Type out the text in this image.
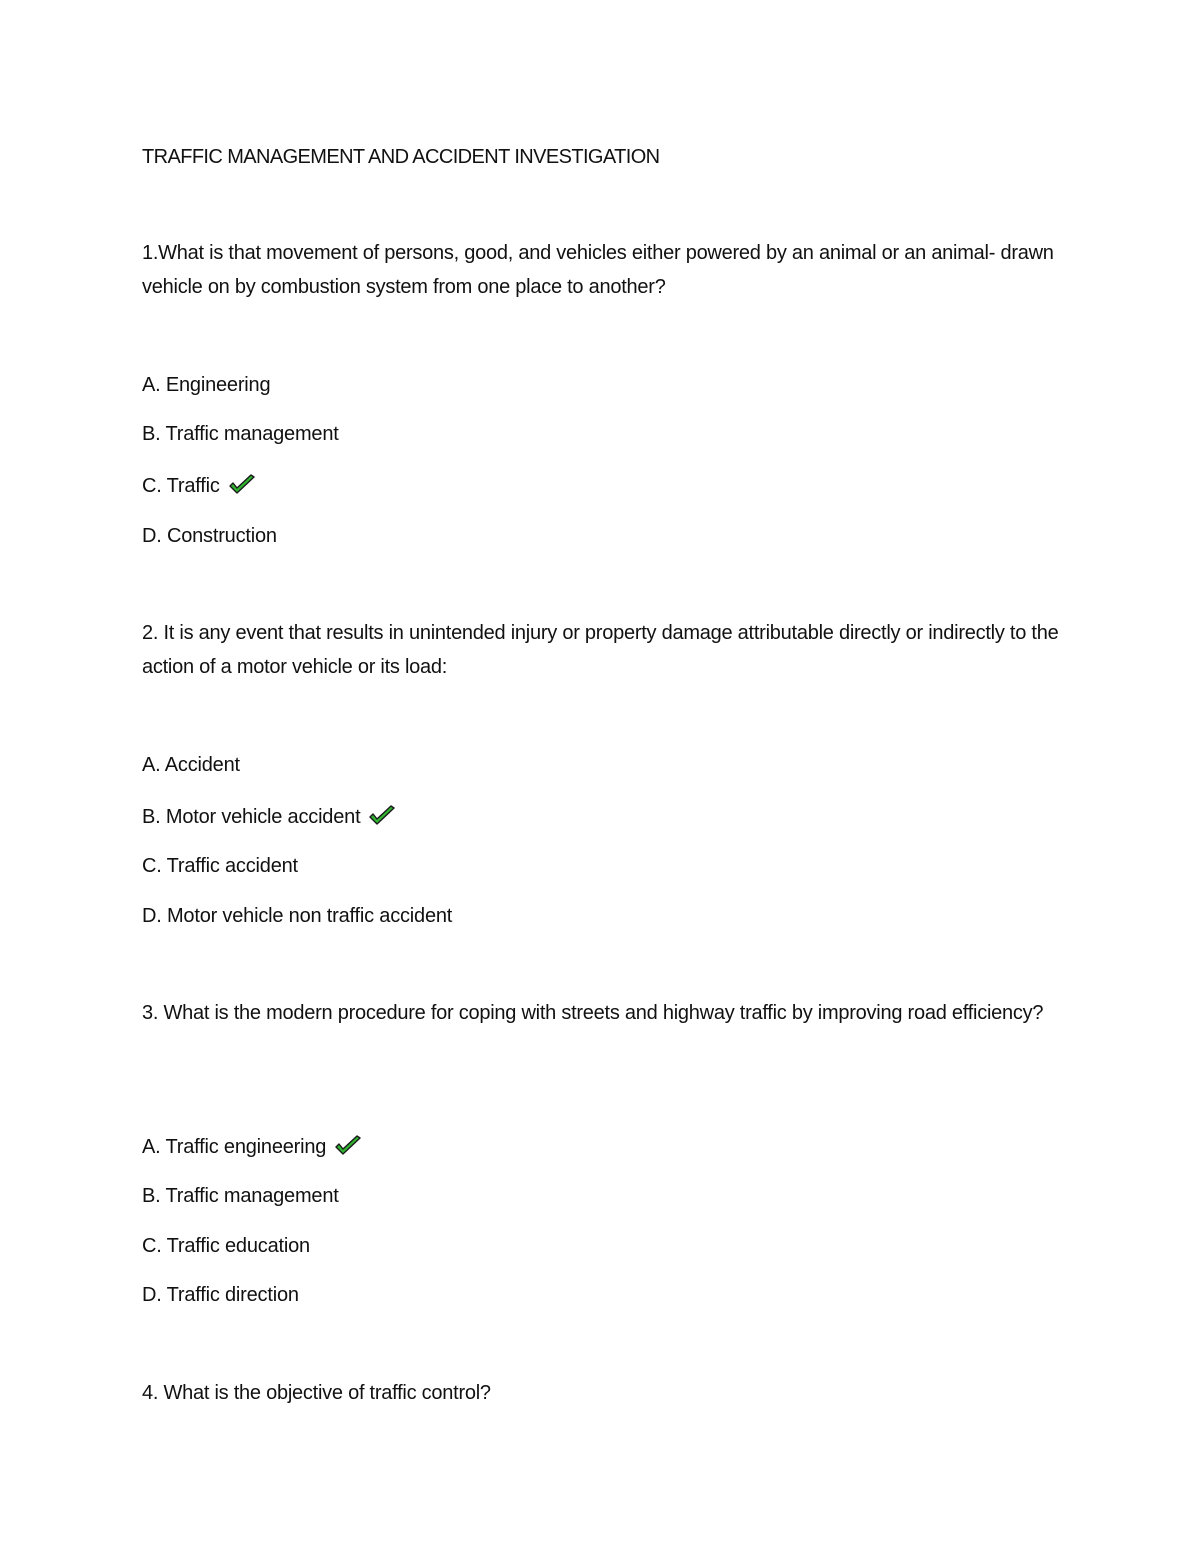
TRAFFIC MANAGEMENT AND ACCIDENT INVESTIGATION
1.What is that movement of persons, good, and vehicles either powered by an animal or an animal- drawn vehicle on by combustion system from one place to another?
A. Engineering
B. Traffic management
C. Traffic
D. Construction
2. It is any event that results in unintended injury or property damage attributable directly or indirectly to the action of a motor vehicle or its load:
A. Accident
B. Motor vehicle accident
C. Traffic accident
D. Motor vehicle non traffic accident
3. What is the modern procedure for coping with streets and highway traffic by improving road efficiency?
A. Traffic engineering
B. Traffic management
C. Traffic education
D. Traffic direction
4. What is the objective of traffic control?
